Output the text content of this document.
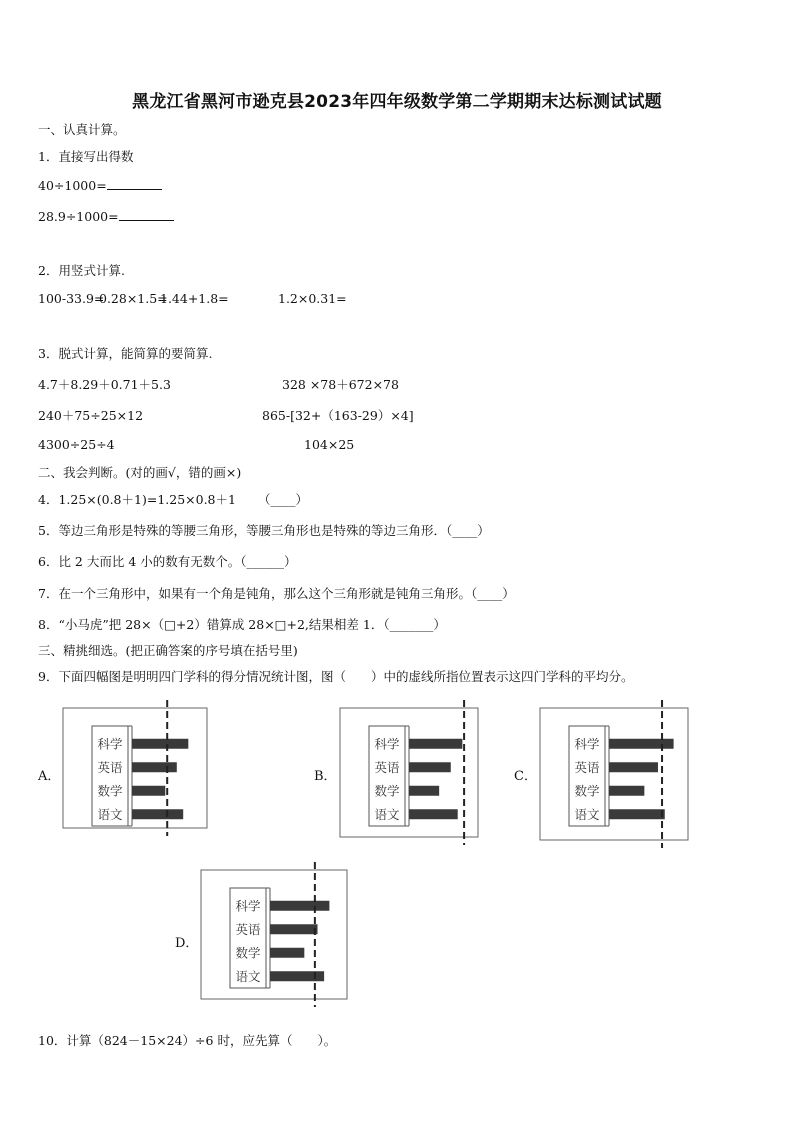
黑龙江省黑河市逊克县2023年四年级数学第二学期期末达标测试试题
一、认真计算。
1．直接写出得数
40÷1000=
28.9÷1000=
2．用竖式计算.
100-33.9=
0.28×1.5=
1.44+1.8=	1.2×0.31=
3．脱式计算，能简算的要简算.
4.7＋8.29＋0.71＋5.3	328 ×78＋672×78
240＋75÷25×12	865-[32+（163-29）×4]
4300÷25÷4	104×25
二、我会判断。(对的画√，错的画×)
4．1.25×(0.8＋1)=1.25×0.8＋1 （____）
5．等边三角形是特殊的等腰三角形，等腰三角形也是特殊的等边三角形．（____）
6．比 2 大而比 4 小的数有无数个。（______）
7．在一个三角形中，如果有一个角是钝角，那么这个三角形就是钝角三角形。（____）
8．“小马虎”把 28×（□+2）错算成 28×□+2,结果相差 1．（_______）
三、精挑细选。(把正确答案的序号填在括号里)
9．下面四幅图是明明四门学科的得分情况统计图，图（　　）中的虚线所指位置表示这四门学科的平均分。
A．
科学
英语
数学
语文
B．
科学
英语
数学
语文
C．
科学
英语
数学
语文
D．
科学
英语
数学
语文
10．计算（824－15×24）÷6 时，应先算（　　）。
